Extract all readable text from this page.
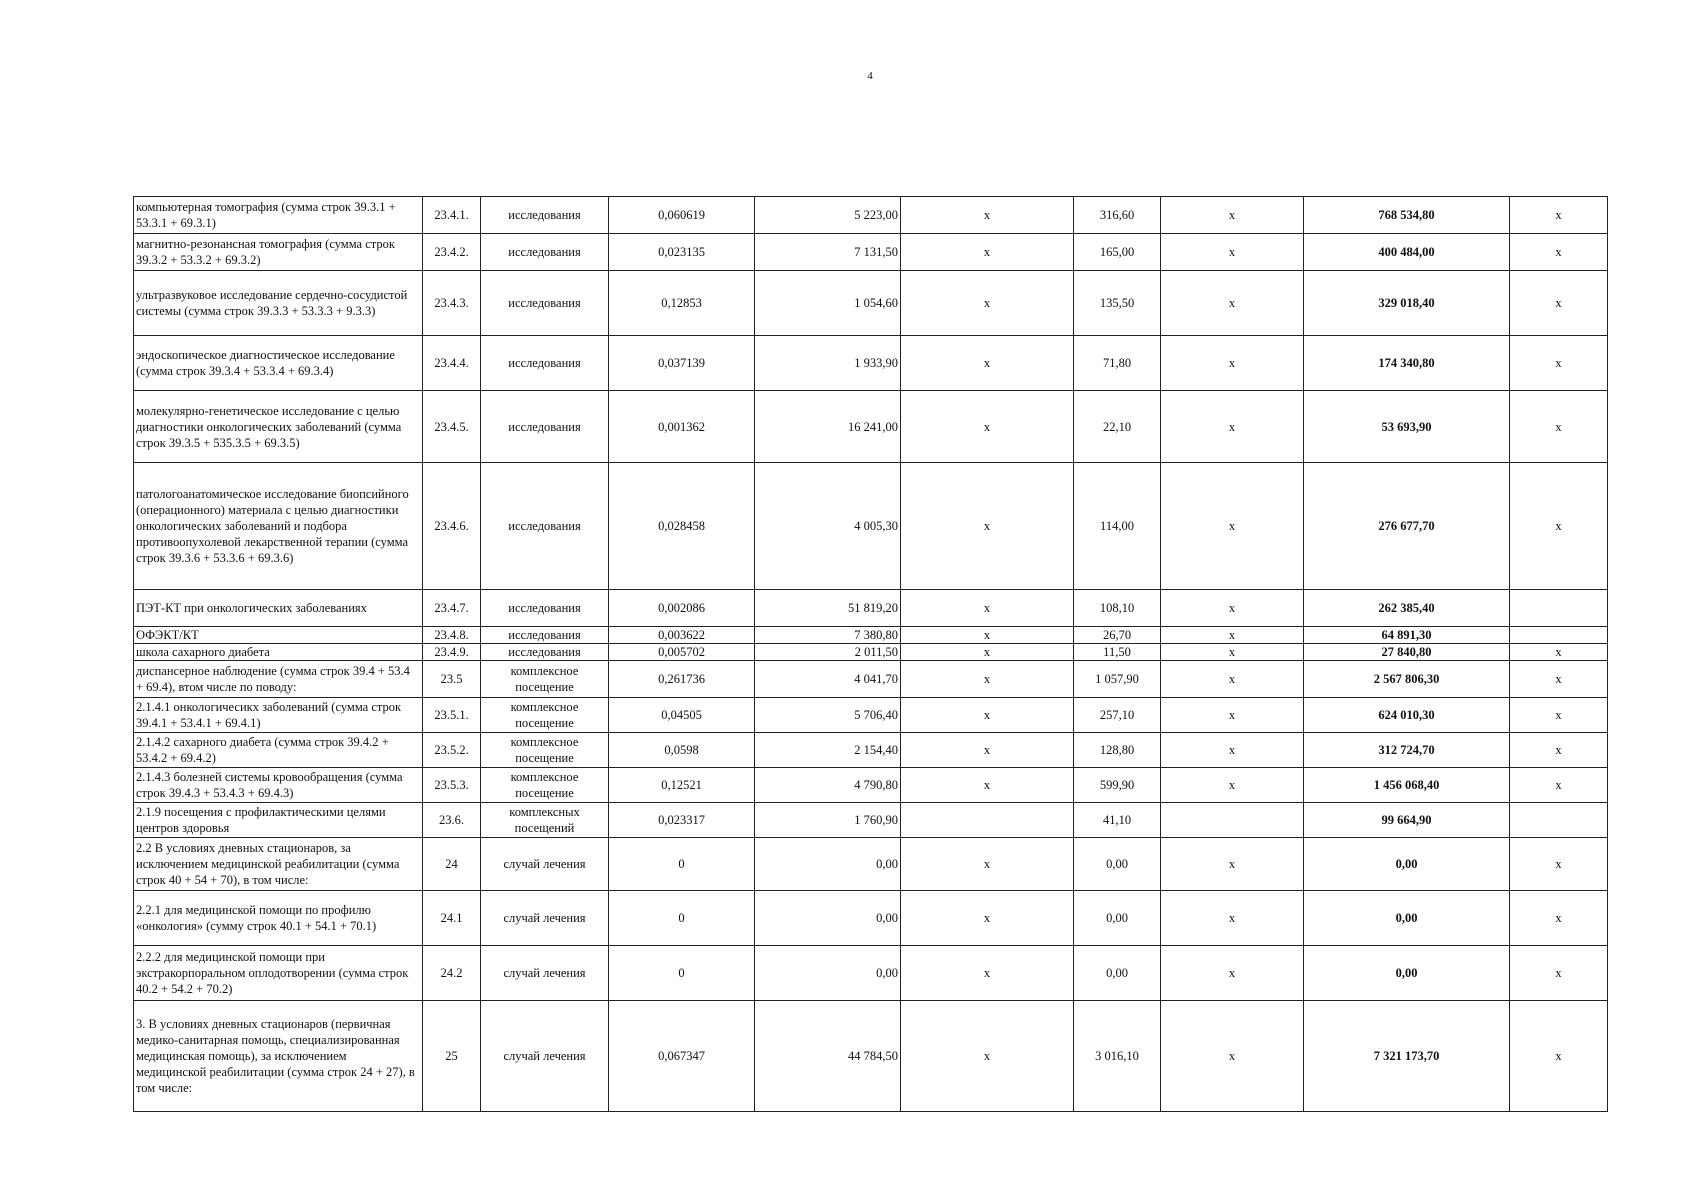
4
компьютерная томография (сумма строк 39.3.1 + 53.3.1 + 69.3.1)	23.4.1.	исследования	0,060619	5 223,00	х	316,60	х	768 534,80	х
магнитно-резонансная томография (сумма строк 39.3.2 + 53.3.2 + 69.3.2)	23.4.2.	исследования	0,023135	7 131,50	х	165,00	х	400 484,00	х
ультразвуковое исследование сердечно-сосудистой системы (сумма строк 39.3.3 + 53.3.3 + 9.3.3)	23.4.3.	исследования	0,12853	1 054,60	х	135,50	х	329 018,40	х
эндоскопическое диагностическое исследование (сумма строк 39.3.4 + 53.3.4 + 69.3.4)	23.4.4.	исследования	0,037139	1 933,90	х	71,80	х	174 340,80	х
молекулярно-генетическое исследование с целью диагностики онкологических заболеваний (сумма строк 39.3.5 + 535.3.5 + 69.3.5)	23.4.5.	исследования	0,001362	16 241,00	х	22,10	х	53 693,90	х
патологоанатомическое исследование биопсийного (операционного) материала с целью диагностики онкологических заболеваний и подбора противоопухолевой лекарственной терапии (сумма строк 39.3.6 + 53.3.6 + 69.3.6)	23.4.6.	исследования	0,028458	4 005,30	х	114,00	х	276 677,70	х
ПЭТ-КТ при онкологических заболеваниях	23.4.7.	исследования	0,002086	51 819,20	х	108,10	х	262 385,40	
ОФЭКТ/КТ	23.4.8.	исследования	0,003622	7 380,80	х	26,70	х	64 891,30	
школа сахарного диабета	23.4.9.	исследования	0,005702	2 011,50	х	11,50	х	27 840,80	х
диспансерное наблюдение (сумма строк 39.4 + 53.4 + 69.4), втом числе по поводу:	23.5	комплексное посещение	0,261736	4 041,70	х	1 057,90	х	2 567 806,30	х
2.1.4.1 онкологичесикх заболеваний (сумма строк 39.4.1 + 53.4.1 + 69.4.1)	23.5.1.	комплексное посещение	0,04505	5 706,40	х	257,10	х	624 010,30	х
2.1.4.2 сахарного диабета (сумма строк 39.4.2 + 53.4.2 + 69.4.2)	23.5.2.	комплексное посещение	0,0598	2 154,40	х	128,80	х	312 724,70	х
2.1.4.3 болезней системы кровообращения (сумма строк 39.4.3 + 53.4.3 + 69.4.3)	23.5.3.	комплексное посещение	0,12521	4 790,80	х	599,90	х	1 456 068,40	х
2.1.9 посещения с профилактическими целями центров здоровья	23.6.	комплексных посещений	0,023317	1 760,90		41,10		99 664,90	
2.2 В условиях дневных стационаров, за исключением медицинской реабилитации (сумма строк 40 + 54 + 70), в том числе:	24	случай лечения	0	0,00	х	0,00	х	0,00	х
2.2.1 для медицинской помощи по профилю «онкология» (сумму строк 40.1 + 54.1 + 70.1)	24.1	случай лечения	0	0,00	х	0,00	х	0,00	х
2.2.2 для медицинской помощи при экстракорпоральном оплодотворении (сумма строк 40.2 + 54.2 + 70.2)	24.2	случай лечения	0	0,00	х	0,00	х	0,00	х
3. В условиях дневных стационаров (первичная медико-санитарная помощь, специализированная медицинская помощь), за исключением медицинской реабилитации (сумма строк 24 + 27), в том числе:	25	случай лечения	0,067347	44 784,50	х	3 016,10	х	7 321 173,70	х
